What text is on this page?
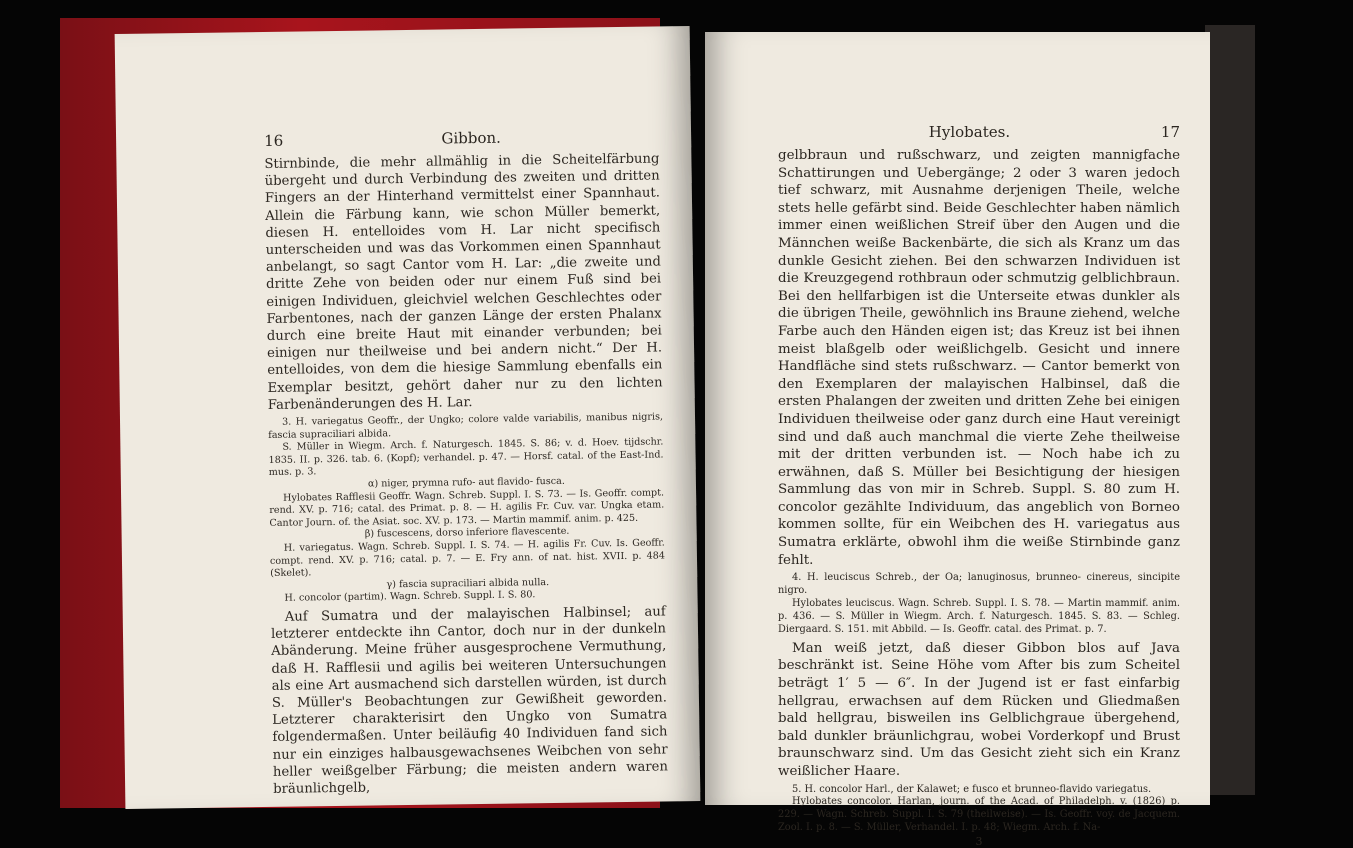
16	Gibbon.

Stirnbinde, die mehr allmählig in die Scheitelfärbung übergeht und durch Verbindung des zweiten und dritten Fingers an der Hinterhand vermittelst einer Spannhaut. Allein die Färbung kann, wie schon Müller bemerkt, diesen H. entelloides vom H. Lar nicht specifisch unterscheiden und was das Vorkommen einen Spannhaut anbelangt, so sagt Cantor vom H. Lar: „die zweite und dritte Zehe von beiden oder nur einem Fuß sind bei einigen Individuen, gleichviel welchen Geschlechtes oder Farbentones, nach der ganzen Länge der ersten Phalanx durch eine breite Haut mit einander verbunden; bei einigen nur theilweise und bei andern nicht.“ Der H. entelloides, von dem die hiesige Sammlung ebenfalls ein Exemplar besitzt, gehört daher nur zu den lichten Farbenänderungen des H. Lar.

3. H. variegatus Geoffr., der Ungko; colore valde variabilis, manibus nigris, fascia supraciliari albida.

S. Müller in Wiegm. Arch. f. Naturgesch. 1845. S. 86; v. d. Hoev. tijdschr. 1835. II. p. 326. tab. 6. (Kopf); verhandel. p. 47. — Horsf. catal. of the East-Ind. mus. p. 3.

α) niger, prymna rufo- aut flavido- fusca.

Hylobates Rafflesii Geoffr. Wagn. Schreb. Suppl. I. S. 73. — Is. Geoffr. compt. rend. XV. p. 716; catal. des Primat. p. 8. — H. agilis Fr. Cuv. var. Ungka etam. Cantor Journ. of. the Asiat. soc. XV. p. 173. — Martin mammif. anim. p. 425.

β) fuscescens, dorso inferiore flavescente.

H. variegatus. Wagn. Schreb. Suppl. I. S. 74. — H. agilis Fr. Cuv. Is. Geoffr. compt. rend. XV. p. 716; catal. p. 7. — E. Fry ann. of nat. hist. XVII. p. 484 (Skelet).

γ) fascia supraciliari albida nulla.

H. concolor (partim). Wagn. Schreb. Suppl. I. S. 80.

Auf Sumatra und der malayischen Halbinsel; auf letzterer entdeckte ihn Cantor, doch nur in der dunkeln Abänderung. Meine früher ausgesprochene Vermuthung, daß H. Rafflesii und agilis bei weiteren Untersuchungen als eine Art ausmachend sich darstellen würden, ist durch S. Müller's Beobachtungen zur Gewißheit geworden. Letzterer charakterisirt den Ungko von Sumatra folgendermaßen. Unter beiläufig 40 Individuen fand sich nur ein einziges halbausgewachsenes Weibchen von sehr heller weißgelber Färbung; die meisten andern waren bräunlichgelb,

Hylobates.	17

gelbbraun und rußschwarz, und zeigten mannigfache Schattirungen und Uebergänge; 2 oder 3 waren jedoch tief schwarz, mit Ausnahme derjenigen Theile, welche stets helle gefärbt sind. Beide Geschlechter haben nämlich immer einen weißlichen Streif über den Augen und die Männchen weiße Backenbärte, die sich als Kranz um das dunkle Gesicht ziehen. Bei den schwarzen Individuen ist die Kreuzgegend rothbraun oder schmutzig gelblichbraun. Bei den hellfarbigen ist die Unterseite etwas dunkler als die übrigen Theile, gewöhnlich ins Braune ziehend, welche Farbe auch den Händen eigen ist; das Kreuz ist bei ihnen meist blaßgelb oder weißlichgelb. Gesicht und innere Handfläche sind stets rußschwarz. — Cantor bemerkt von den Exemplaren der malayischen Halbinsel, daß die ersten Phalangen der zweiten und dritten Zehe bei einigen Individuen theilweise oder ganz durch eine Haut vereinigt sind und daß auch manchmal die vierte Zehe theilweise mit der dritten verbunden ist. — Noch habe ich zu erwähnen, daß S. Müller bei Besichtigung der hiesigen Sammlung das von mir in Schreb. Suppl. S. 80 zum H. concolor gezählte Individuum, das angeblich von Borneo kommen sollte, für ein Weibchen des H. variegatus aus Sumatra erklärte, obwohl ihm die weiße Stirnbinde ganz fehlt.

4. H. leuciscus Schreb., der Oa; lanuginosus, brunneo- cinereus, sincipite nigro.

Hylobates leuciscus. Wagn. Schreb. Suppl. I. S. 78. — Martin mammif. anim. p. 436. — S. Müller in Wiegm. Arch. f. Naturgesch. 1845. S. 83. — Schleg. Diergaard. S. 151. mit Abbild. — Is. Geoffr. catal. des Primat. p. 7.

Man weiß jetzt, daß dieser Gibbon blos auf Java beschränkt ist. Seine Höhe vom After bis zum Scheitel beträgt 1′ 5 — 6″. In der Jugend ist er fast einfarbig hellgrau, erwachsen auf dem Rücken und Gliedmaßen bald hellgrau, bisweilen ins Gelblichgraue übergehend, bald dunkler bräunlichgrau, wobei Vorderkopf und Brust braunschwarz sind. Um das Gesicht zieht sich ein Kranz weißlicher Haare.

5. H. concolor Harl., der Kalawet; e fusco et brunneo-flavido variegatus.

Hylobates concolor. Harlan, journ. of the Acad. of Philadelph. v. (1826) p. 229. — Wagn. Schreb. Suppl. I. S. 79 (theilweise). — Is. Geoffr. voy. de Jacquem. Zool. I. p. 8. — S. Müller, Verhandel. I. p. 48; Wiegm. Arch. f. Na-

3
